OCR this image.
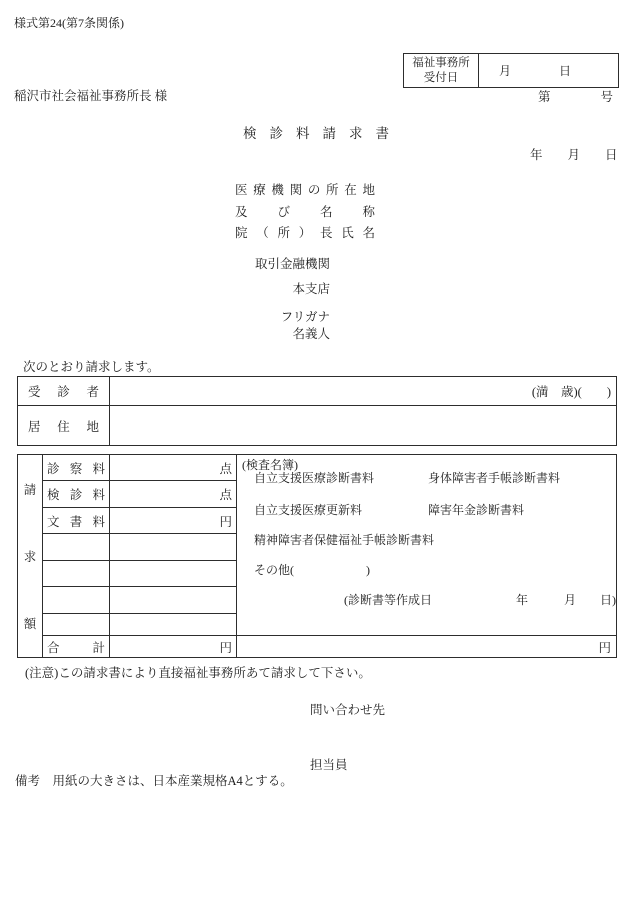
様式第24(第7条関係)
福祉事務所
受付日	月　　　　日
稲沢市社会福祉事務所長 様	第　　　　号
検診料請求書
年　　月　　日
医療機関の所在地
及び名称
院（所）長氏名
取引金融機関
本支店
フリガナ
名義人
次のとおり請求します。
受診者	(満　歳)(　　)
居住地	
請
求
額
	診察料	点	(検査名簿)
自立支援医療診断書料	身体障害者手帳診断書料
自立支援医療更新料	障害年金診断書料
精神障害者保健福祉手帳診断書料
その他(　　　　　　)
(診断書等作成日　　　　　　　年　　　月　　日)

	検診料	点	
	文書料	円	

	合計	円	円
(注意)この請求書により直接福祉事務所あて請求して下さい。
問い合わせ先
担当員
備考　用紙の大きさは、日本産業規格A4とする。
